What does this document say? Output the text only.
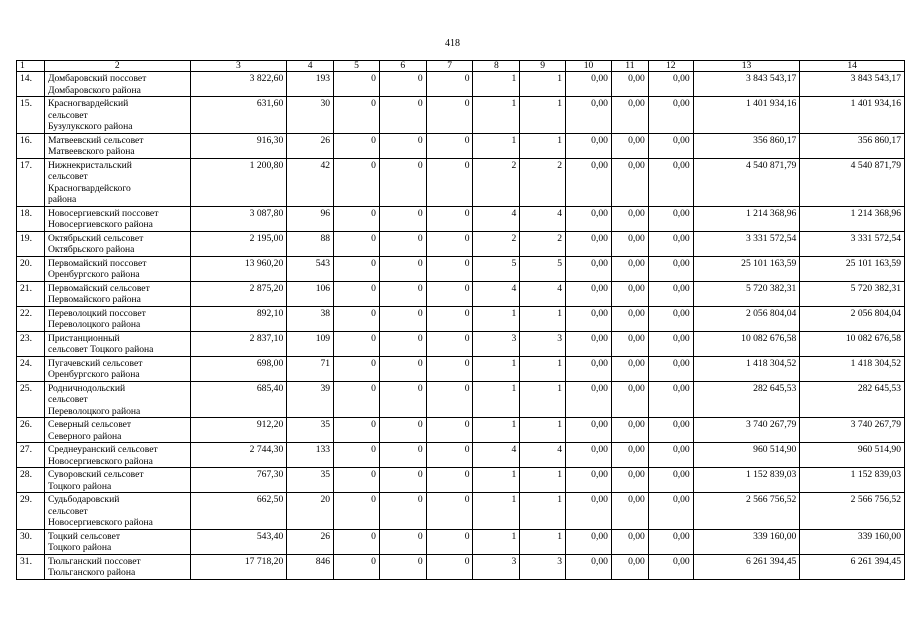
418
1	2	3	4	5	6	7	8	9	10	11	12	13	14
14.	Домбаровский поссовет
Домбаровского района	3 822,60	193	0	0	0	1	1	0,00	0,00	0,00	3 843 543,17	3 843 543,17
15.	Красногвардейский
сельсовет
Бузулукского района	631,60	30	0	0	0	1	1	0,00	0,00	0,00	1 401 934,16	1 401 934,16
16.	Матвеевский сельсовет
Матвеевского района	916,30	26	0	0	0	1	1	0,00	0,00	0,00	356 860,17	356 860,17
17.	Нижнекристальский
сельсовет
Красногвардейского
района	1 200,80	42	0	0	0	2	2	0,00	0,00	0,00	4 540 871,79	4 540 871,79
18.	Новосергиевский поссовет
Новосергиевского района	3 087,80	96	0	0	0	4	4	0,00	0,00	0,00	1 214 368,96	1 214 368,96
19.	Октябрьский сельсовет
Октябрьского района	2 195,00	88	0	0	0	2	2	0,00	0,00	0,00	3 331 572,54	3 331 572,54
20.	Первомайский поссовет
Оренбургского района	13 960,20	543	0	0	0	5	5	0,00	0,00	0,00	25 101 163,59	25 101 163,59
21.	Первомайский сельсовет
Первомайского района	2 875,20	106	0	0	0	4	4	0,00	0,00	0,00	5 720 382,31	5 720 382,31
22.	Переволоцкий поссовет
Переволоцкого района	892,10	38	0	0	0	1	1	0,00	0,00	0,00	2 056 804,04	2 056 804,04
23.	Пристанционный
сельсовет Тоцкого района	2 837,10	109	0	0	0	3	3	0,00	0,00	0,00	10 082 676,58	10 082 676,58
24.	Пугачевский сельсовет
Оренбургского района	698,00	71	0	0	0	1	1	0,00	0,00	0,00	1 418 304,52	1 418 304,52
25.	Родничнодольский
сельсовет
Переволоцкого района	685,40	39	0	0	0	1	1	0,00	0,00	0,00	282 645,53	282 645,53
26.	Северный сельсовет
Северного района	912,20	35	0	0	0	1	1	0,00	0,00	0,00	3 740 267,79	3 740 267,79
27.	Среднеуранский сельсовет
Новосергиевского района	2 744,30	133	0	0	0	4	4	0,00	0,00	0,00	960 514,90	960 514,90
28.	Суворовский сельсовет
Тоцкого района	767,30	35	0	0	0	1	1	0,00	0,00	0,00	1 152 839,03	1 152 839,03
29.	Судьбодаровский
сельсовет
Новосергиевского района	662,50	20	0	0	0	1	1	0,00	0,00	0,00	2 566 756,52	2 566 756,52
30.	Тоцкий сельсовет
Тоцкого района	543,40	26	0	0	0	1	1	0,00	0,00	0,00	339 160,00	339 160,00
31.	Тюльганский поссовет
Тюльганского района	17 718,20	846	0	0	0	3	3	0,00	0,00	0,00	6 261 394,45	6 261 394,45
